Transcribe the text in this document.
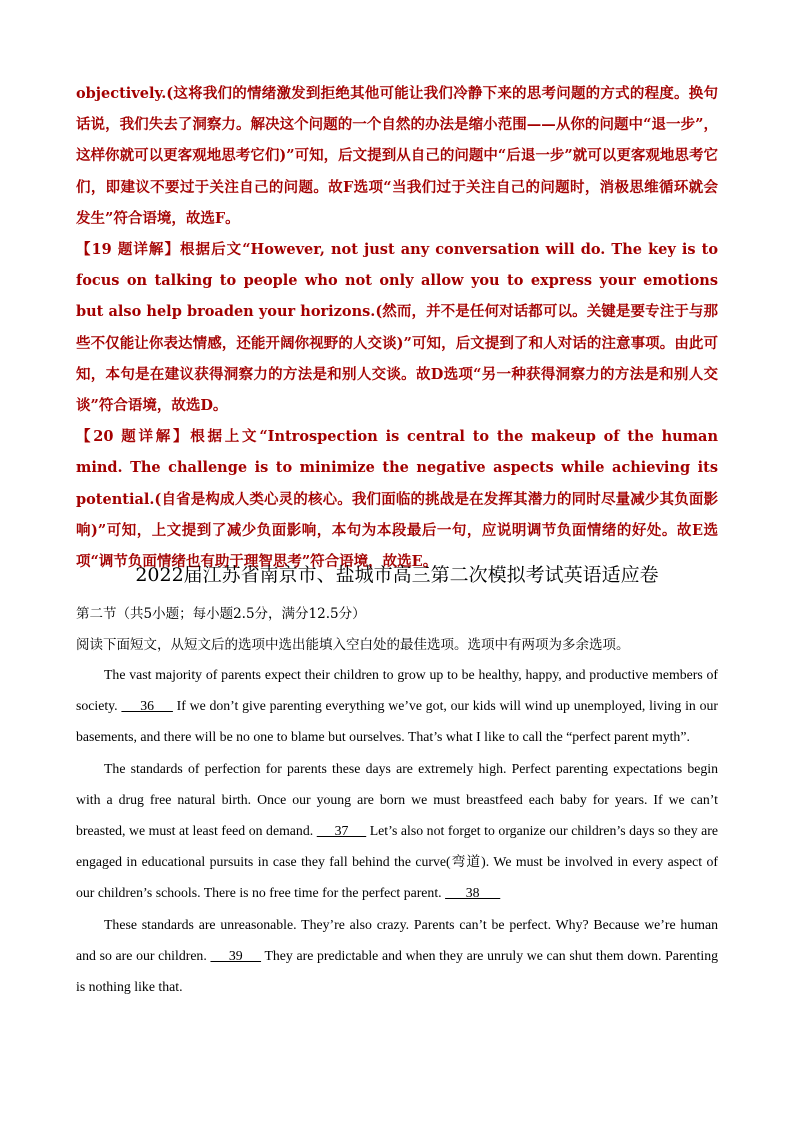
objectively.(这将我们的情绪激发到拒绝其他可能让我们冷静下来的思考问题的方式的程度。换句话说，我们失去了洞察力。解决这个问题的一个自然的办法是缩小范围——从你的问题中“退一步”，这样你就可以更客观地思考它们)”可知，后文提到从自己的问题中“后退一步”就可以更客观地思考它们，即建议不要过于关注自己的问题。故F选项“当我们过于关注自己的问题时，消极思维循环就会发生”符合语境，故选F。

【19 题详解】根据后文“However, not just any conversation will do. The key is to focus on talking to people who not only allow you to express your emotions but also help broaden your horizons.(然而，并不是任何对话都可以。关键是要专注于与那些不仅能让你表达情感，还能开阔你视野的人交谈)”可知，后文提到了和人对话的注意事项。由此可知，本句是在建议获得洞察力的方法是和别人交谈。故D选项“另一种获得洞察力的方法是和别人交谈”符合语境，故选D。

【20 题详解】根据上文“Introspection is central to the makeup of the human mind. The challenge is to minimize the negative aspects while achieving its potential.(自省是构成人类心灵的核心。我们面临的挑战是在发挥其潜力的同时尽量减少其负面影响)”可知，上文提到了减少负面影响，本句为本段最后一句，应说明调节负面情绪的好处。故E选项“调节负面情绪也有助于理智思考”符合语境，故选E。

2022届江苏省南京市、盐城市高三第二次模拟考试英语适应卷
第二节（共5小题；每小题2.5分，满分12.5分）
阅读下面短文，从短文后的选项中选出能填入空白处的最佳选项。选项中有两项为多余选项。

The vast majority of parents expect their children to grow up to be healthy, happy, and productive members of society.      36      If we don’t give parenting everything we’ve got, our kids will wind up unemployed, living in our basements, and there will be no one to blame but ourselves. That’s what I like to call the “perfect parent myth”.

The standards of perfection for parents these days are extremely high. Perfect parenting expectations begin with a drug free natural birth. Once our young are born we must breastfeed each baby for years. If we can’t breasted, we must at least feed on demand.      37      Let’s also not forget to organize our children’s days so they are engaged in educational pursuits in case they fall behind the curve(弯道). We must be involved in every aspect of our children’s schools. There is no free time for the perfect parent.       38

These standards are unreasonable. They’re also crazy. Parents can’t be perfect. Why? Because we’re human and so are our children.      39      They are predictable and when they are unruly we can shut them down. Parenting is nothing like that.
